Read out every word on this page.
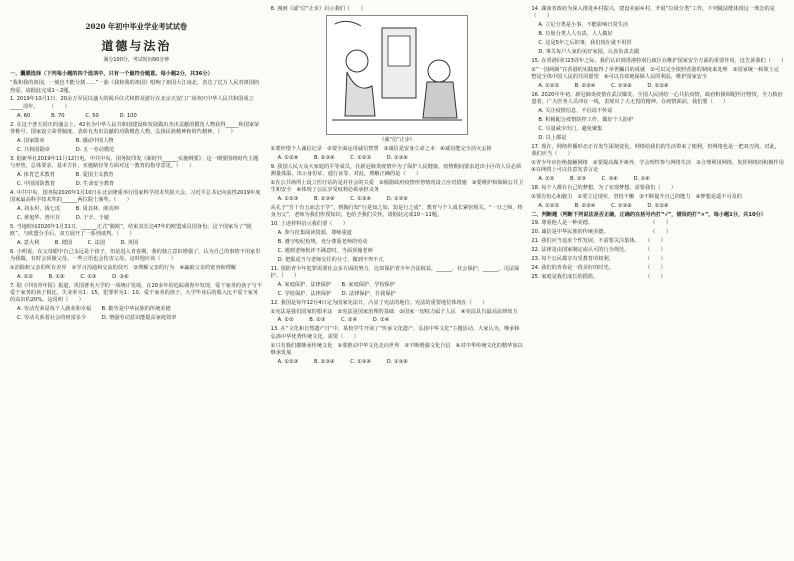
2020 年初中毕业学业考试试卷
道德与法治
满分100分，考试时间90分钟

一、囊膜选择（下列每小题的四个选项中，只有一个最符合题意。每小题2分，共36分）

“我和我的祖国，一刻也不能分割……”一曲《我和我的祖国》唱响了祖国大江南北，表达了亿万人民对祖国的热爱。请据此完成1～2题。

1. 2019年10月1日，20余万军民以盛大的阅兵仪式和群众游行在北京天安门广场欢庆中华人民共和国成立_____周年。　　　（　　）

A. 60　　　　B. 70　　　　C. 50　　　　D. 100

2. 在这个普天同庆的盛会上，42名为中华人民共和国建设和发展做出杰出贡献的模范人物获得_____和国家荣誉称号。国家设立荣誉制度，表彰有杰出贡献的功勋模范人物，弘扬民族精神和时代精神。（　　）

A. 国家勋章　　　　　　B. 感动中国人物

C. 共和国勋章　　　　　D. 五一劳动模范

3. 据新华社2019年11月12日电，中共中央、国务院印发《新时代______实施纲要》，这一纲要围绕时代主题与形势，总体要求、基本方针、实施路径等方面对这一教育的指导意见。（　　）

A. 体育艺术教育　　　　B. 爱国主义教育

C. 中国国防教育　　　　D. 生命安全教育

4. 中共中央、国务院2020年1月10日在北京隆重举行国家科学技术奖励大会，习近平总书记向获得2019年度国家最高科学技术奖的______两位院士颁奖。（　　）

A. 刘永坦、钱七虎　　　B. 周其林、薛其坤

C. 黄旭华、曾庆存　　　D. 于辛、于敏

5. 当地时间2020年1月31日，______正式“脱欧”，结束其长达47年的欧盟成员国身份。这个国家为了“脱欧”，与欧盟分手后，双方展开了一系列谈判。（　　）

A. 意大利　　　B. 德国　　　C. 法国　　　D. 英国

6. 小明说，在父母眼中自己永远是个孩子，但是进入青春期，我的独立意识增强了，认为自己的事情不用家里为我做，有时会顶撞父母，一些言语也会伤害父母。这时他应该（　　）

①消除和父亲的所有差异　②学习沟通和交流的技巧　③理解父亲的行为　④赢取父亲的宽容和理解

A. ①②　　　B. ①④　　　C. ②③　　　D. ③④

7. 据《中国青年报》报道，英国著名大学的一项统计发现，在20多年的追踪调查中发现，爱干家务的孩子与不爱干家务的孩子相比，失业率为1：15，犯罪率为1：10，爱干家务的孩子，大学毕业后的收入比不爱干家务的高出约20%。这说明（　　）

A. 劳动光荣是每个人就业和幸福　　B. 勤劳是中华民族的传统美德

C. 劳动关系着社会的财富多少　　　D. 增强劳动意识能提高家庭效率

8. 漫画《诚“信”止步》启示我们（　　）

《诚“信”止步》

①要珍惜个人诚信记录　②要全面运用诚信智慧　③诚信是安身立命之本　④诚信能完全消灭丢掉

A. ①②④　　　B. ②③④　　　C. ①②③　　　D. ①③④

9. 我国人民大众大家庭的平等成员。在新冠肺炎疫情中为了保护人民健康，疫情期间要求进出小区的人员必须测量体温，出示身份证、通行证等。对此，理解正确的是（　　）

①在公共场所上设立医疗站的是对社会的关爱　②根据政府疫情形势情况设立应对措施　③要维护和保障公共卫生和安全　④体现了公民享受权利必须承担义务

A. ①②③　　　B. ②③④　　　C. ①③④　　　D. ①②④

从孔子“吾十有五而志于学”，到陶行知“行是知之始，知是行之成”，教育与个人成长紧密相关。“一日之师，终身为父”，老师为我们传授知识，也给予我们关怀。请据此完成10～11题。

10. 上述材料启示我们要（　　）

A. 参与征集阅读资源，尊师重道

B. 遵守校纪校规，充分尊重老师的劳动

C. 遇到老师批评不满意时，当面顶撞老师

D. 把握适当与老师交往的分寸，做到不卑不亢

11. 预防青少年犯罪需要社会多方面的努力，比如保护青少年合法权益，______，社会保护，______，司法保护。（　　）

A. 家庭保护、法律保护　　B. 家庭保护、学校保护

C. 学校保护、法律保护　　D. 法律保护、自我保护

12. 我国是每年12月4日定为国家宪法日，凸显了宪法的地位。宪法的重要地位体现在（　　）

①宪法是我们国家的根本法　②宪法是国家治理的基础　③国家一切权力属于人民　④宪法具有最高法律效力

A. ①②　　　B. ①③　　　C. ②④　　　D. ①④

13. 在“文化和自然遗产日”中，某校学生开展了“传承文化遗产，弘扬中华文化”主题活动，大家认为，继承和弘扬中华优秀传统文化，需要（　　）

①只有我们都继承传统文化　②要推动中华文化走向世界　③不断增强文化自信　④对中华传统文化的精华加以继承发展

A. ①②③　　　B. ②③④　　　C. ①③④　　　D. ①②④

14. 湖南省政府为深入推进乡村振兴，建设美丽乡村，开展“垃圾分类”工作。下列做法能体现这一理念的是（　　）

A. 立足分类是小事，不能影响日常生活

B. 垃圾分类人人有责，人人做好

C. 这是5年之后的事，我们现在就不用管

D. 事关每户人家的美好家园，认真负责去做

15. 在香港回归23周年之际，我们认识到香港特别行政区在维护国家安全方面的重要作用，这告诉我们（　　）

①“一国两制”在香港的实践取得了举世瞩目的成就　②可以完全依照香港的制度来处理　③国家统一和领土完整是全体中国人民的共同愿望　④可以有效地保障人民的利益，维护国家安全

A. ①②③　　　B. ②③④　　　C. ①③④　　　D. ①②④

16. 2020年年初，新冠肺炎疫情在武汉爆发，全国人民团结一心共抗疫情，政府积极调配医疗物资，全力救治患者，广大医务人员冲在一线，表现出了大无畏的精神。在疫情面前，我们要（　　）

A. 关注疫情信息，不信谣不传谣

B. 积极配合疫情防控工作，做好个人防护

C. 尽量减少出门，避免聚集

D. 以上都是

17. 现在，网络传播形态正在发生深刻变化，网络给我们的生活带来了便利，但网络也是一把双刃剑。对此，我们应当（　　）

①青少年应拒绝接触网络　②要提高媒介素养，学会理性参与网络生活　③合理利用网络，发挥网络的积极作用　④在网络上可以任意发表言论

A. ①②　　　B. ②③　　　C. ③④　　　D. ①④

18. 每个人都有自己的梦想，为了实现梦想，需要我们（　　）

①要有恒心和毅力　②要立足现实，坚持不懈　③不断提升自己的能力　④梦想是遥不可及的

A. ①②③　　　B. ②③④　　　C. ①③④　　　D. ①②④

二、判断题（判断下列说法是否正确，正确的在括号内打“√”，错误的打“×”，每小题1分，共10分）

19. 尊重他人是一种美德。　　　　　　　　　　　　（　　）

20. 诚信是中华民族的传统美德。　　　　　　　　　（　　）

21. 我们应当追求个性发展，不需要关注集体。　　（　　）

22. 法律是由国家制定或认可的行为规范。　　　　（　　）

23. 每个公民都享有受教育的权利。　　　　　　　（　　）

24. 我们的青春是一段美好的时光。　　　　　　　（　　）

25. 家庭是我们成长的摇篮。　　　　　　　　　　（　　）
